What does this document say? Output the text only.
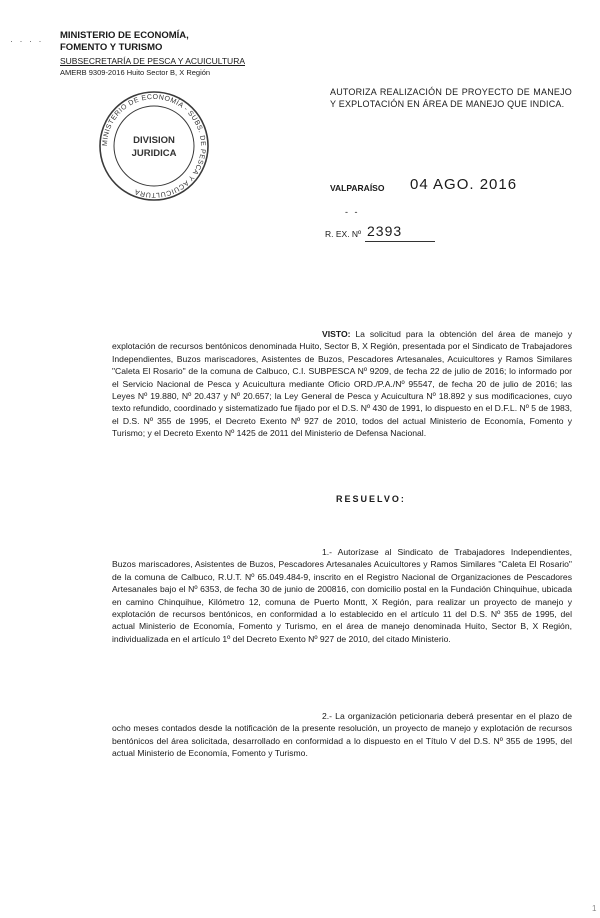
· · · · MINISTERIO DE ECONOMÍA,
FOMENTO Y TURISMO
SUBSECRETARÍA DE PESCA Y ACUICULTURA
AMERB 9309-2016 Huito Sector B, X Región
MINISTERIO DE ECONOMÍA - SUBS. DE PESCA Y ACUICULTURA
DIVISION
JURIDICA
AUTORIZA REALIZACIÓN DE PROYECTO DE MANEJO Y EXPLOTACIÓN EN ÁREA DE MANEJO QUE INDICA.
VALPARAÍSO 04 AGO. 2016
- -
R. EX. Nº 2393
VISTO: La solicitud para la obtención del área de manejo y explotación de recursos bentónicos denominada Huito, Sector B, X Región, presentada por el Sindicato de Trabajadores Independientes, Buzos mariscadores, Asistentes de Buzos, Pescadores Artesanales, Acuicultores y Ramos Similares "Caleta El Rosario" de la comuna de Calbuco, C.I. SUBPESCA Nº 9209, de fecha 22 de julio de 2016; lo informado por el Servicio Nacional de Pesca y Acuicultura mediante Oficio ORD./P.A./Nº 95547, de fecha 20 de julio de 2016; las Leyes Nº 19.880, Nº 20.437 y Nº 20.657; la Ley General de Pesca y Acuicultura Nº 18.892 y sus modificaciones, cuyo texto refundido, coordinado y sistematizado fue fijado por el D.S. Nº 430 de 1991, lo dispuesto en el D.F.L. Nº 5 de 1983, el D.S. Nº 355 de 1995, el Decreto Exento Nº 927 de 2010, todos del actual Ministerio de Economía, Fomento y Turismo; y el Decreto Exento Nº 1425 de 2011 del Ministerio de Defensa Nacional.
RESUELVO:
1.- Autorízase al Sindicato de Trabajadores Independientes, Buzos mariscadores, Asistentes de Buzos, Pescadores Artesanales Acuicultores y Ramos Similares "Caleta El Rosario" de la comuna de Calbuco, R.U.T. Nº 65.049.484-9, inscrito en el Registro Nacional de Organizaciones de Pescadores Artesanales bajo el Nº 6353, de fecha 30 de junio de 200816, con domicilio postal en la Fundación Chinquihue, ubicada en camino Chinquihue, Kilómetro 12, comuna de Puerto Montt, X Región, para realizar un proyecto de manejo y explotación de recursos bentónicos, en conformidad a lo establecido en el artículo 11 del D.S. Nº 355 de 1995, del actual Ministerio de Economía, Fomento y Turismo, en el área de manejo denominada Huito, Sector B, X Región, individualizada en el artículo 1º del Decreto Exento Nº 927 de 2010, del citado Ministerio.
2.- La organización peticionaria deberá presentar en el plazo de ocho meses contados desde la notificación de la presente resolución, un proyecto de manejo y explotación de recursos bentónicos del área solicitada, desarrollado en conformidad a lo dispuesto en el Título V del D.S. Nº 355 de 1995, del actual Ministerio de Economía, Fomento y Turismo.
1
